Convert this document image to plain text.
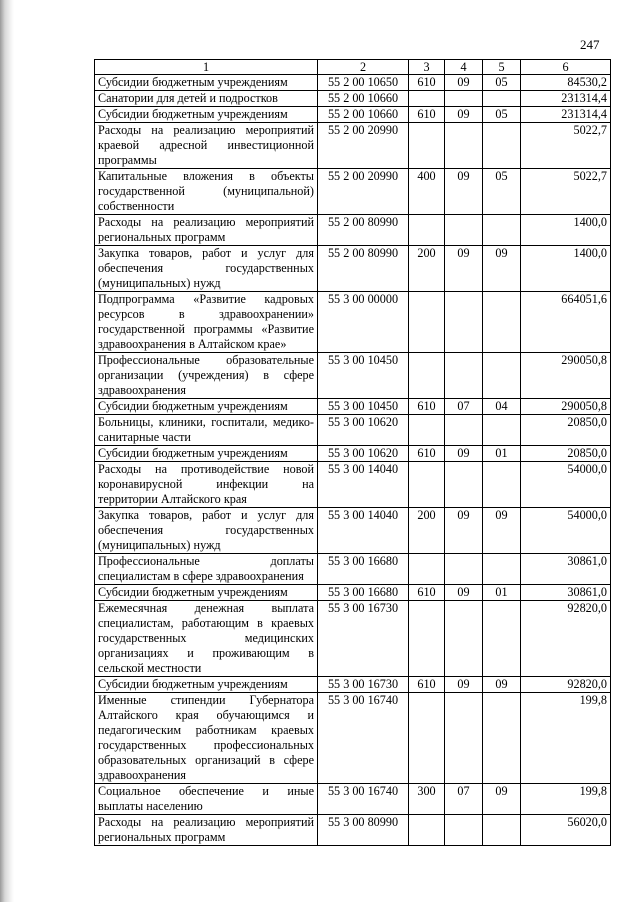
247
1	2	3	4	5	6
Субсидии бюджетным учреждениям	55 2 00 10650	610	09	05	84530,2
Санатории для детей и подростков	55 2 00 10660				231314,4
Субсидии бюджетным учреждениям	55 2 00 10660	610	09	05	231314,4
Расходы на реализацию мероприятий краевой адресной инвестиционной программы	55 2 00 20990				5022,7
Капитальные вложения в объекты государственной (муниципальной) собственности	55 2 00 20990	400	09	05	5022,7
Расходы на реализацию мероприятий региональных программ	55 2 00 80990				1400,0
Закупка товаров, работ и услуг для обеспечения государственных (муниципальных) нужд	55 2 00 80990	200	09	09	1400,0
Подпрограмма «Развитие кадровых ресурсов в здравоохранении» государственной программы «Развитие здравоохранения в Алтайском крае»	55 3 00 00000				664051,6
Профессиональные образовательные организации (учреждения) в сфере здравоохранения	55 3 00 10450				290050,8
Субсидии бюджетным учреждениям	55 3 00 10450	610	07	04	290050,8
Больницы, клиники, госпитали, медико-санитарные части	55 3 00 10620				20850,0
Субсидии бюджетным учреждениям	55 3 00 10620	610	09	01	20850,0
Расходы на противодействие новой коронавирусной инфекции на территории Алтайского края	55 3 00 14040				54000,0
Закупка товаров, работ и услуг для обеспечения государственных (муниципальных) нужд	55 3 00 14040	200	09	09	54000,0
Профессиональные доплаты специалистам в сфере здравоохранения	55 3 00 16680				30861,0
Субсидии бюджетным учреждениям	55 3 00 16680	610	09	01	30861,0
Ежемесячная денежная выплата специалистам, работающим в краевых государственных медицинских организациях и проживающим в сельской местности	55 3 00 16730				92820,0
Субсидии бюджетным учреждениям	55 3 00 16730	610	09	09	92820,0
Именные стипендии Губернатора Алтайского края обучающимся и педагогическим работникам краевых государственных профессиональных образовательных организаций в сфере здравоохранения	55 3 00 16740				199,8
Социальное обеспечение и иные выплаты населению	55 3 00 16740	300	07	09	199,8
Расходы на реализацию мероприятий региональных программ	55 3 00 80990				56020,0
